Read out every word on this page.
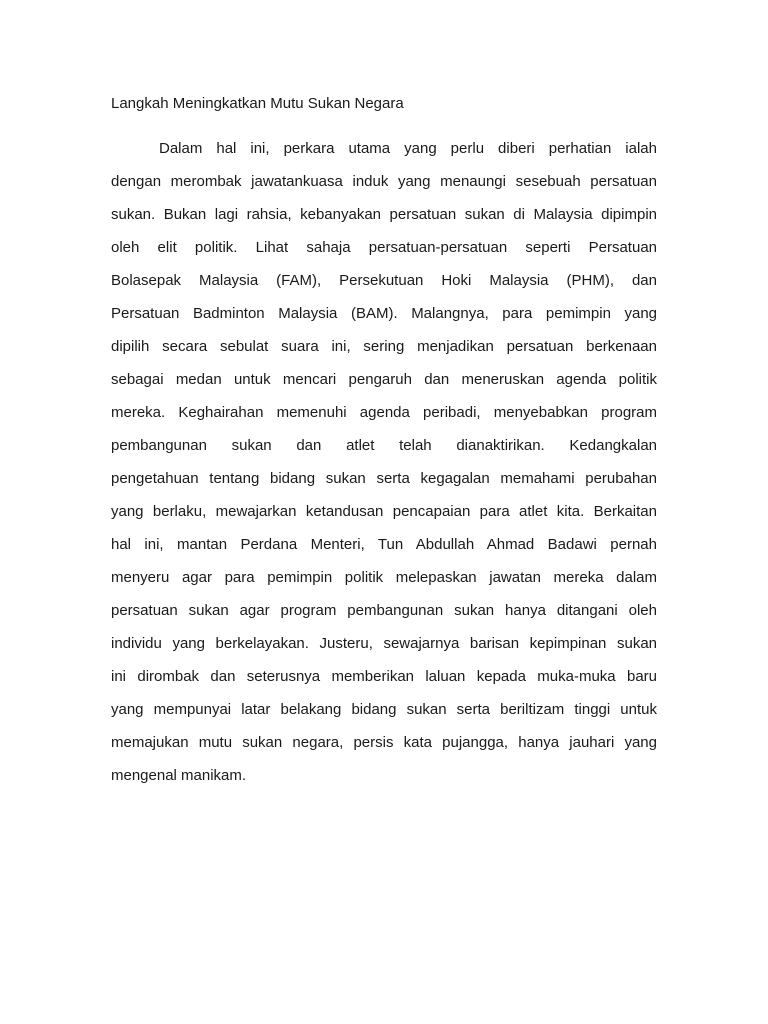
Langkah Meningkatkan Mutu Sukan Negara
Dalam hal ini, perkara utama yang perlu diberi perhatian ialah
dengan merombak jawatankuasa induk yang menaungi sesebuah persatuan
sukan. Bukan lagi rahsia, kebanyakan persatuan sukan di Malaysia dipimpin
oleh elit politik. Lihat sahaja persatuan-persatuan seperti Persatuan
Bolasepak Malaysia (FAM), Persekutuan Hoki Malaysia (PHM), dan
Persatuan Badminton Malaysia (BAM). Malangnya, para pemimpin yang
dipilih secara sebulat suara ini, sering menjadikan persatuan berkenaan
sebagai medan untuk mencari pengaruh dan meneruskan agenda politik
mereka. Keghairahan memenuhi agenda peribadi, menyebabkan program
pembangunan sukan dan atlet telah dianaktirikan. Kedangkalan
pengetahuan tentang bidang sukan serta kegagalan memahami perubahan
yang berlaku, mewajarkan ketandusan pencapaian para atlet kita. Berkaitan
hal ini, mantan Perdana Menteri, Tun Abdullah Ahmad Badawi pernah
menyeru agar para pemimpin politik melepaskan jawatan mereka dalam
persatuan sukan agar program pembangunan sukan hanya ditangani oleh
individu yang berkelayakan. Justeru, sewajarnya barisan kepimpinan sukan
ini dirombak dan seterusnya memberikan laluan kepada muka-muka baru
yang mempunyai latar belakang bidang sukan serta beriltizam tinggi untuk
memajukan mutu sukan negara, persis kata pujangga, hanya jauhari yang
mengenal manikam.
